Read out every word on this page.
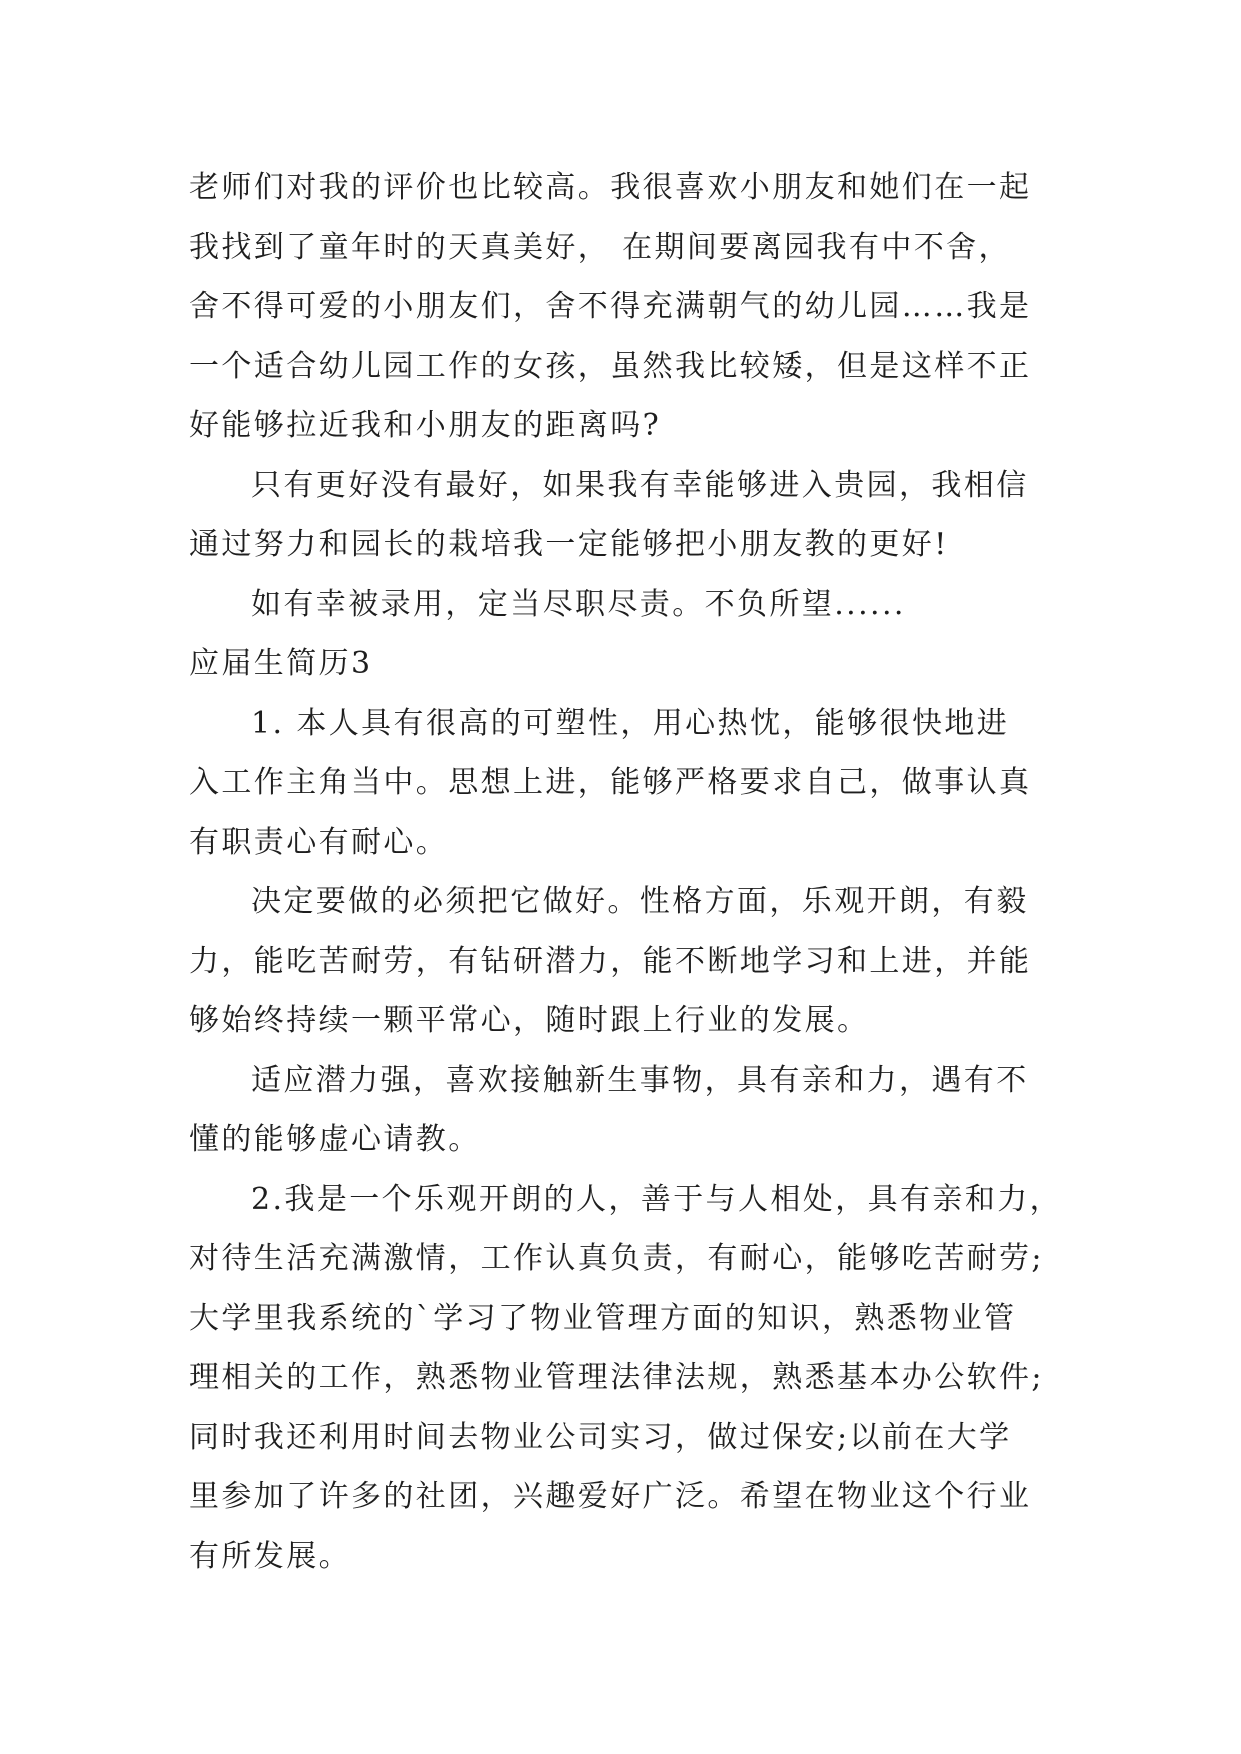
老师们对我的评价也比较高。我很喜欢小朋友和她们在一起
我找到了童年时的天真美好， 在期间要离园我有中不舍，
舍不得可爱的小朋友们，舍不得充满朝气的幼儿园……我是
一个适合幼儿园工作的女孩，虽然我比较矮，但是这样不正
好能够拉近我和小朋友的距离吗?
只有更好没有最好，如果我有幸能够进入贵园，我相信
通过努力和园长的栽培我一定能够把小朋友教的更好!
如有幸被录用，定当尽职尽责。不负所望......
应届生简历3
1. 本人具有很高的可塑性，用心热忱，能够很快地进
入工作主角当中。思想上进，能够严格要求自己，做事认真
有职责心有耐心。
决定要做的必须把它做好。性格方面，乐观开朗，有毅
力，能吃苦耐劳，有钻研潜力，能不断地学习和上进，并能
够始终持续一颗平常心，随时跟上行业的发展。
适应潜力强，喜欢接触新生事物，具有亲和力，遇有不
懂的能够虚心请教。
2.我是一个乐观开朗的人，善于与人相处，具有亲和力，
对待生活充满激情，工作认真负责，有耐心，能够吃苦耐劳;
大学里我系统的`学习了物业管理方面的知识，熟悉物业管
理相关的工作，熟悉物业管理法律法规，熟悉基本办公软件;
同时我还利用时间去物业公司实习，做过保安;以前在大学
里参加了许多的社团，兴趣爱好广泛。希望在物业这个行业
有所发展。
